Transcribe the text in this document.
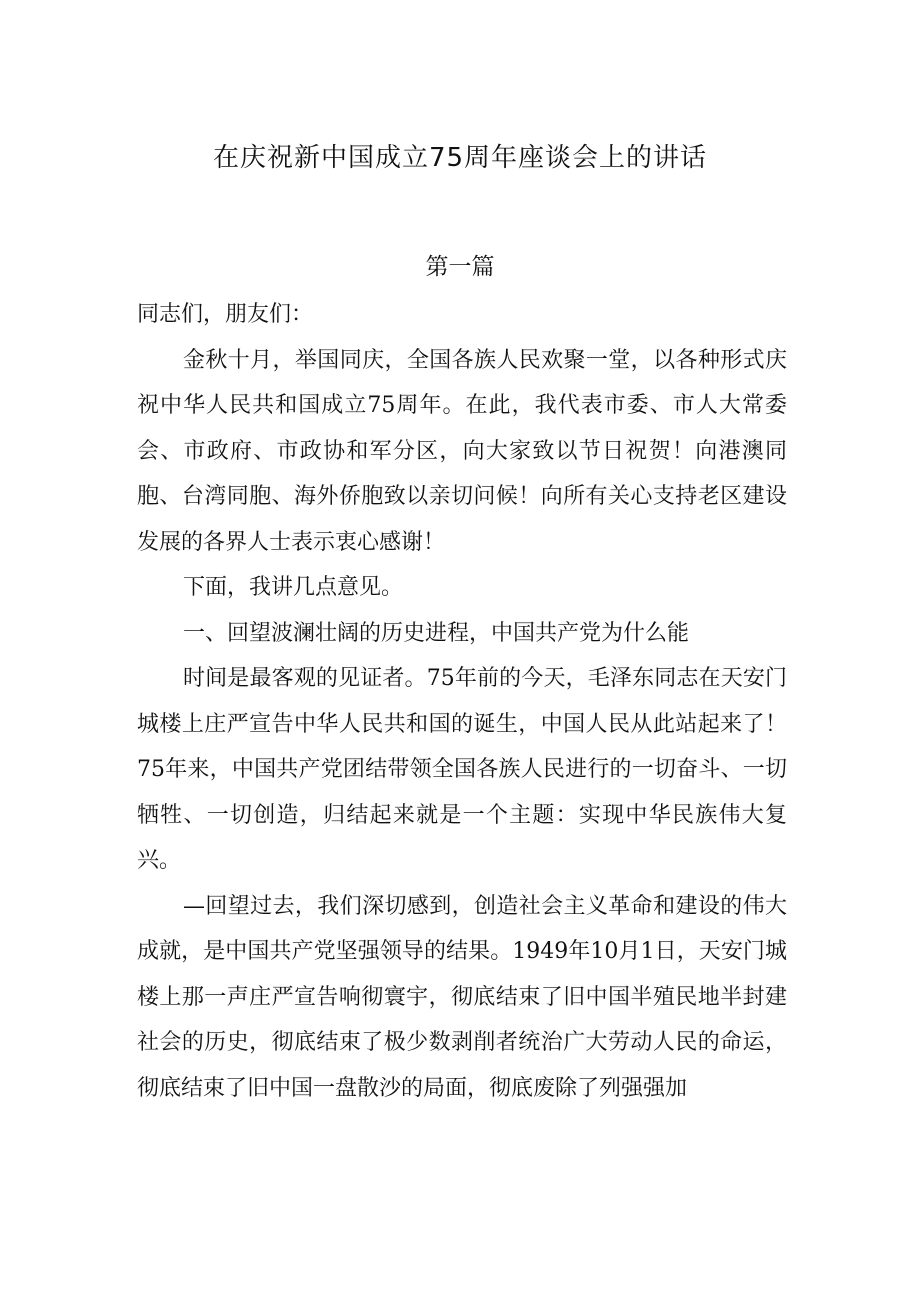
在庆祝新中国成立75周年座谈会上的讲话
第一篇

同志们，朋友们：

金秋十月，举国同庆，全国各族人民欢聚一堂，以各种形式庆祝中华人民共和国成立75周年。在此，我代表市委、市人大常委会、市政府、市政协和军分区，向大家致以节日祝贺！向港澳同胞、台湾同胞、海外侨胞致以亲切问候！向所有关心支持老区建设发展的各界人士表示衷心感谢！

下面，我讲几点意见。

一、回望波澜壮阔的历史进程，中国共产党为什么能

时间是最客观的见证者。75年前的今天，毛泽东同志在天安门城楼上庄严宣告中华人民共和国的诞生，中国人民从此站起来了！75年来，中国共产党团结带领全国各族人民进行的一切奋斗、一切牺牲、一切创造，归结起来就是一个主题：实现中华民族伟大复兴。

—回望过去，我们深切感到，创造社会主义革命和建设的伟大成就，是中国共产党坚强领导的结果。1949年10月1日，天安门城楼上那一声庄严宣告响彻寰宇，彻底结束了旧中国半殖民地半封建社会的历史，彻底结束了极少数剥削者统治广大劳动人民的命运，彻底结束了旧中国一盘散沙的局面，彻底废除了列强强加
